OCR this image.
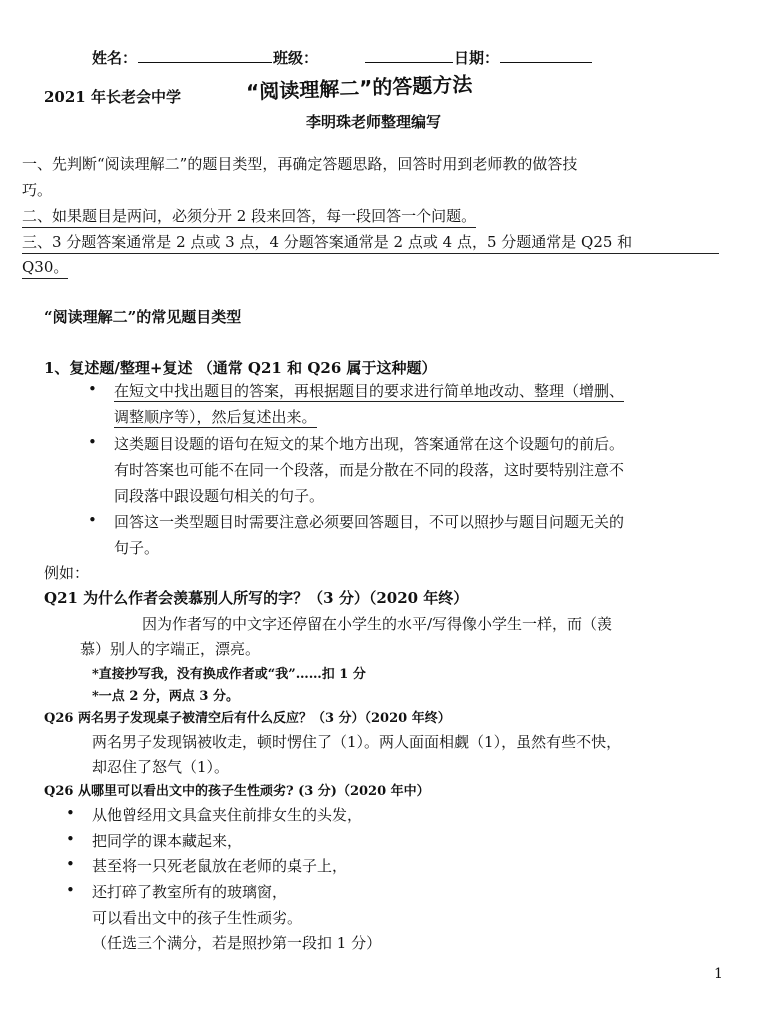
姓名：	班级：	日期：
2021 年长老会中学	“阅读理解二”的答题方法
李明珠老师整理编写
一、先判断“阅读理解二”的题目类型，再确定答题思路，回答时用到老师教的做答技
巧。
二、如果题目是两问，必须分开 2 段来回答，每一段回答一个问题。
三、3 分题答案通常是 2 点或 3 点，4 分题答案通常是 2 点或 4 点，5 分题通常是 Q25 和
Q30。
“阅读理解二”的常见题目类型
1、复述题/整理+复述 （通常 Q21 和 Q26 属于这种题）
• 在短文中找出题目的答案，再根据题目的要求进行简单地改动、整理（增删、
调整顺序等），然后复述出来。
• 这类题目设题的语句在短文的某个地方出现，答案通常在这个设题句的前后。
有时答案也可能不在同一个段落，而是分散在不同的段落，这时要特别注意不
同段落中跟设题句相关的句子。
• 回答这一类型题目时需要注意必须要回答题目，不可以照抄与题目问题无关的
句子。
例如：
Q21 为什么作者会羡慕别人所写的字？（3 分）（2020 年终）
因为作者写的中文字还停留在小学生的水平/写得像小学生一样，而（羡
慕）别人的字端正，漂亮。
*直接抄写我，没有换成作者或“我”……扣 1 分
*一点 2 分，两点 3 分。
Q26 两名男子发现桌子被清空后有什么反应？（3 分）（2020 年终）
两名男子发现锅被收走，顿时愣住了（1）。两人面面相觑（1），虽然有些不快，
却忍住了怒气（1）。
Q26 从哪里可以看出文中的孩子生性顽劣? (3 分)（2020 年中）
• 从他曾经用文具盒夹住前排女生的头发，
• 把同学的课本藏起来，
• 甚至将一只死老鼠放在老师的桌子上，
• 还打碎了教室所有的玻璃窗，
可以看出文中的孩子生性顽劣。
（任选三个满分，若是照抄第一段扣 1 分）
1
